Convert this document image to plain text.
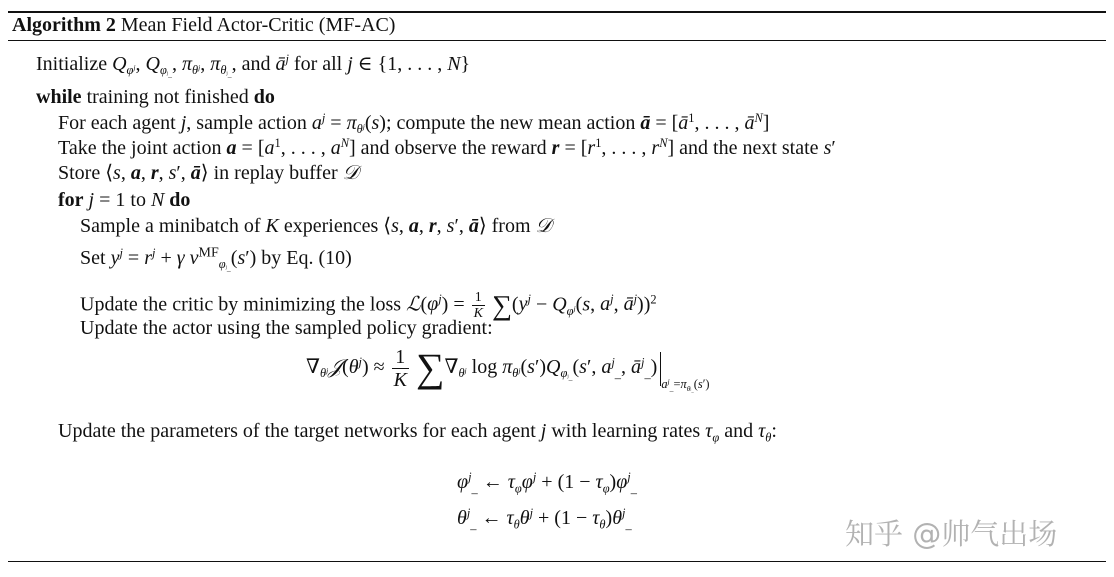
Algorithm 2 Mean Field Actor-Critic (MF-AC)
Initialize $Q_{\varphi^j}$, $Q_{\varphi_{^j\_}}$, $\pi_{\theta^j}$, $\pi_{\theta_{^j\_}}$, and $ā^j$ for all j ∈ {1, . . . , N}
while training not finished do
For each agent j, sample action $a^j = \pi_{\theta^j}(s)$; compute the new mean action ā = [$ā^1$, . . . , $ā^N$]
Take the joint action $a = [a^1$, . . . , $a^N$] and observe the reward $r = [r^1$, . . . , $r^N$] and the next state s′
Store ⟨s, a, r, s′, ā⟩ in replay buffer 𝒟
for j = 1 to N do
Sample a minibatch of K experiences ⟨s, a, r, s′, ā⟩ from 𝒟
Set $y^j = r^j + \gamma$ $v^{MF}_{\varphi_{^j\_}}(s')$ by Eq. (10)
Update the critic by minimizing the loss $ℒ(\varphi^j) = \frac{1}{K} \sum(y^j - Q_{\varphi^j}(s$, $a^j$, $ā^j))^2$
Update the actor using the sampled policy gradient:
$\nabla_{\theta^j}𝒥(\theta^j) \approx \frac{1}{K} \sum\nabla_{\theta^j}$ $\log \pi_{\theta^j}(s')Q_{\varphi_{^j\_}}(s'$, $a^j_{\_}$, $ā^j_{\_})_{a^j_{\_}=\pi_{\theta_{^j\_}}(s')}$
Update the parameters of the target networks for each agent j with learning rates $\tau_\varphi$ and $\tau_\theta$:
$\varphi^j_{\_}$ ← $\tau_\varphi\varphi^j + (1 - \tau_\varphi)\varphi^j_{\_}$
$\theta^j_{\_}$ ← $\tau_\theta\theta^j + (1 - \tau_\theta)\theta^j_{\_}$	知乎 @帅气出场
